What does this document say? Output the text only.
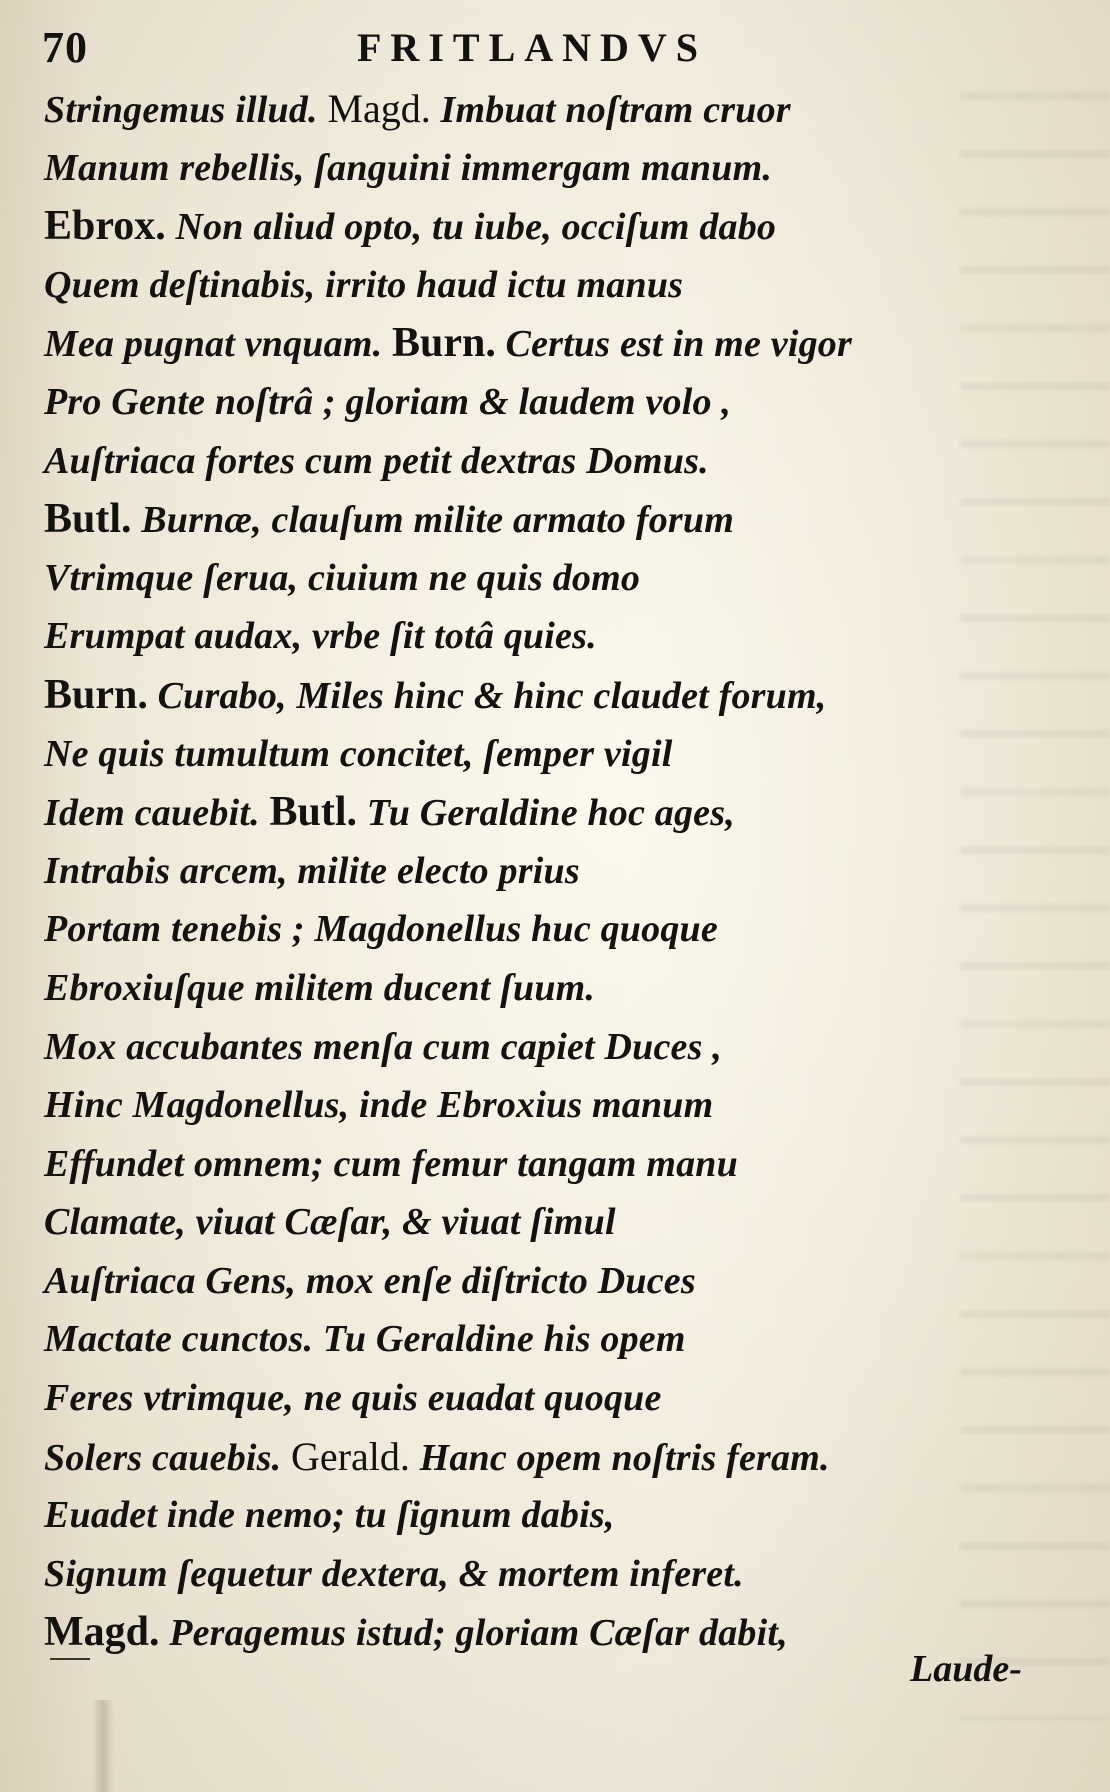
70	FRITLANDVS
Stringemus illud. Magd. Imbuat noſtram cruor
Manum rebellis, ſanguini immergam manum.
Ebrox. Non aliud opto, tu iube, occiſum dabo
Quem deſtinabis, irrito haud ictu manus
Mea pugnat vnquam. Burn. Certus est in me vigor
Pro Gente noſtrâ ; gloriam & laudem volo ,
Auſtriaca fortes cum petit dextras Domus.
Butl. Burnæ, clauſum milite armato forum
Vtrimque ſerua, ciuium ne quis domo
Erumpat audax, vrbe ſit totâ quies.
Burn. Curabo, Miles hinc & hinc claudet forum,
Ne quis tumultum concitet, ſemper vigil
Idem cauebit. Butl. Tu Geraldine hoc ages,
Intrabis arcem, milite electo prius
Portam tenebis ; Magdonellus huc quoque
Ebroxiuſque militem ducent ſuum.
Mox accubantes menſa cum capiet Duces ,
Hinc Magdonellus, inde Ebroxius manum
Effundet omnem; cum femur tangam manu
Clamate, viuat Cæſar, & viuat ſimul
Auſtriaca Gens, mox enſe diſtricto Duces
Mactate cunctos. Tu Geraldine his opem
Feres vtrimque, ne quis euadat quoque
Solers cauebis. Gerald. Hanc opem noſtris feram.
Euadet inde nemo; tu ſignum dabis,
Signum ſequetur dextera, & mortem inferet.
Magd. Peragemus istud; gloriam Cæſar dabit,
Laude-
